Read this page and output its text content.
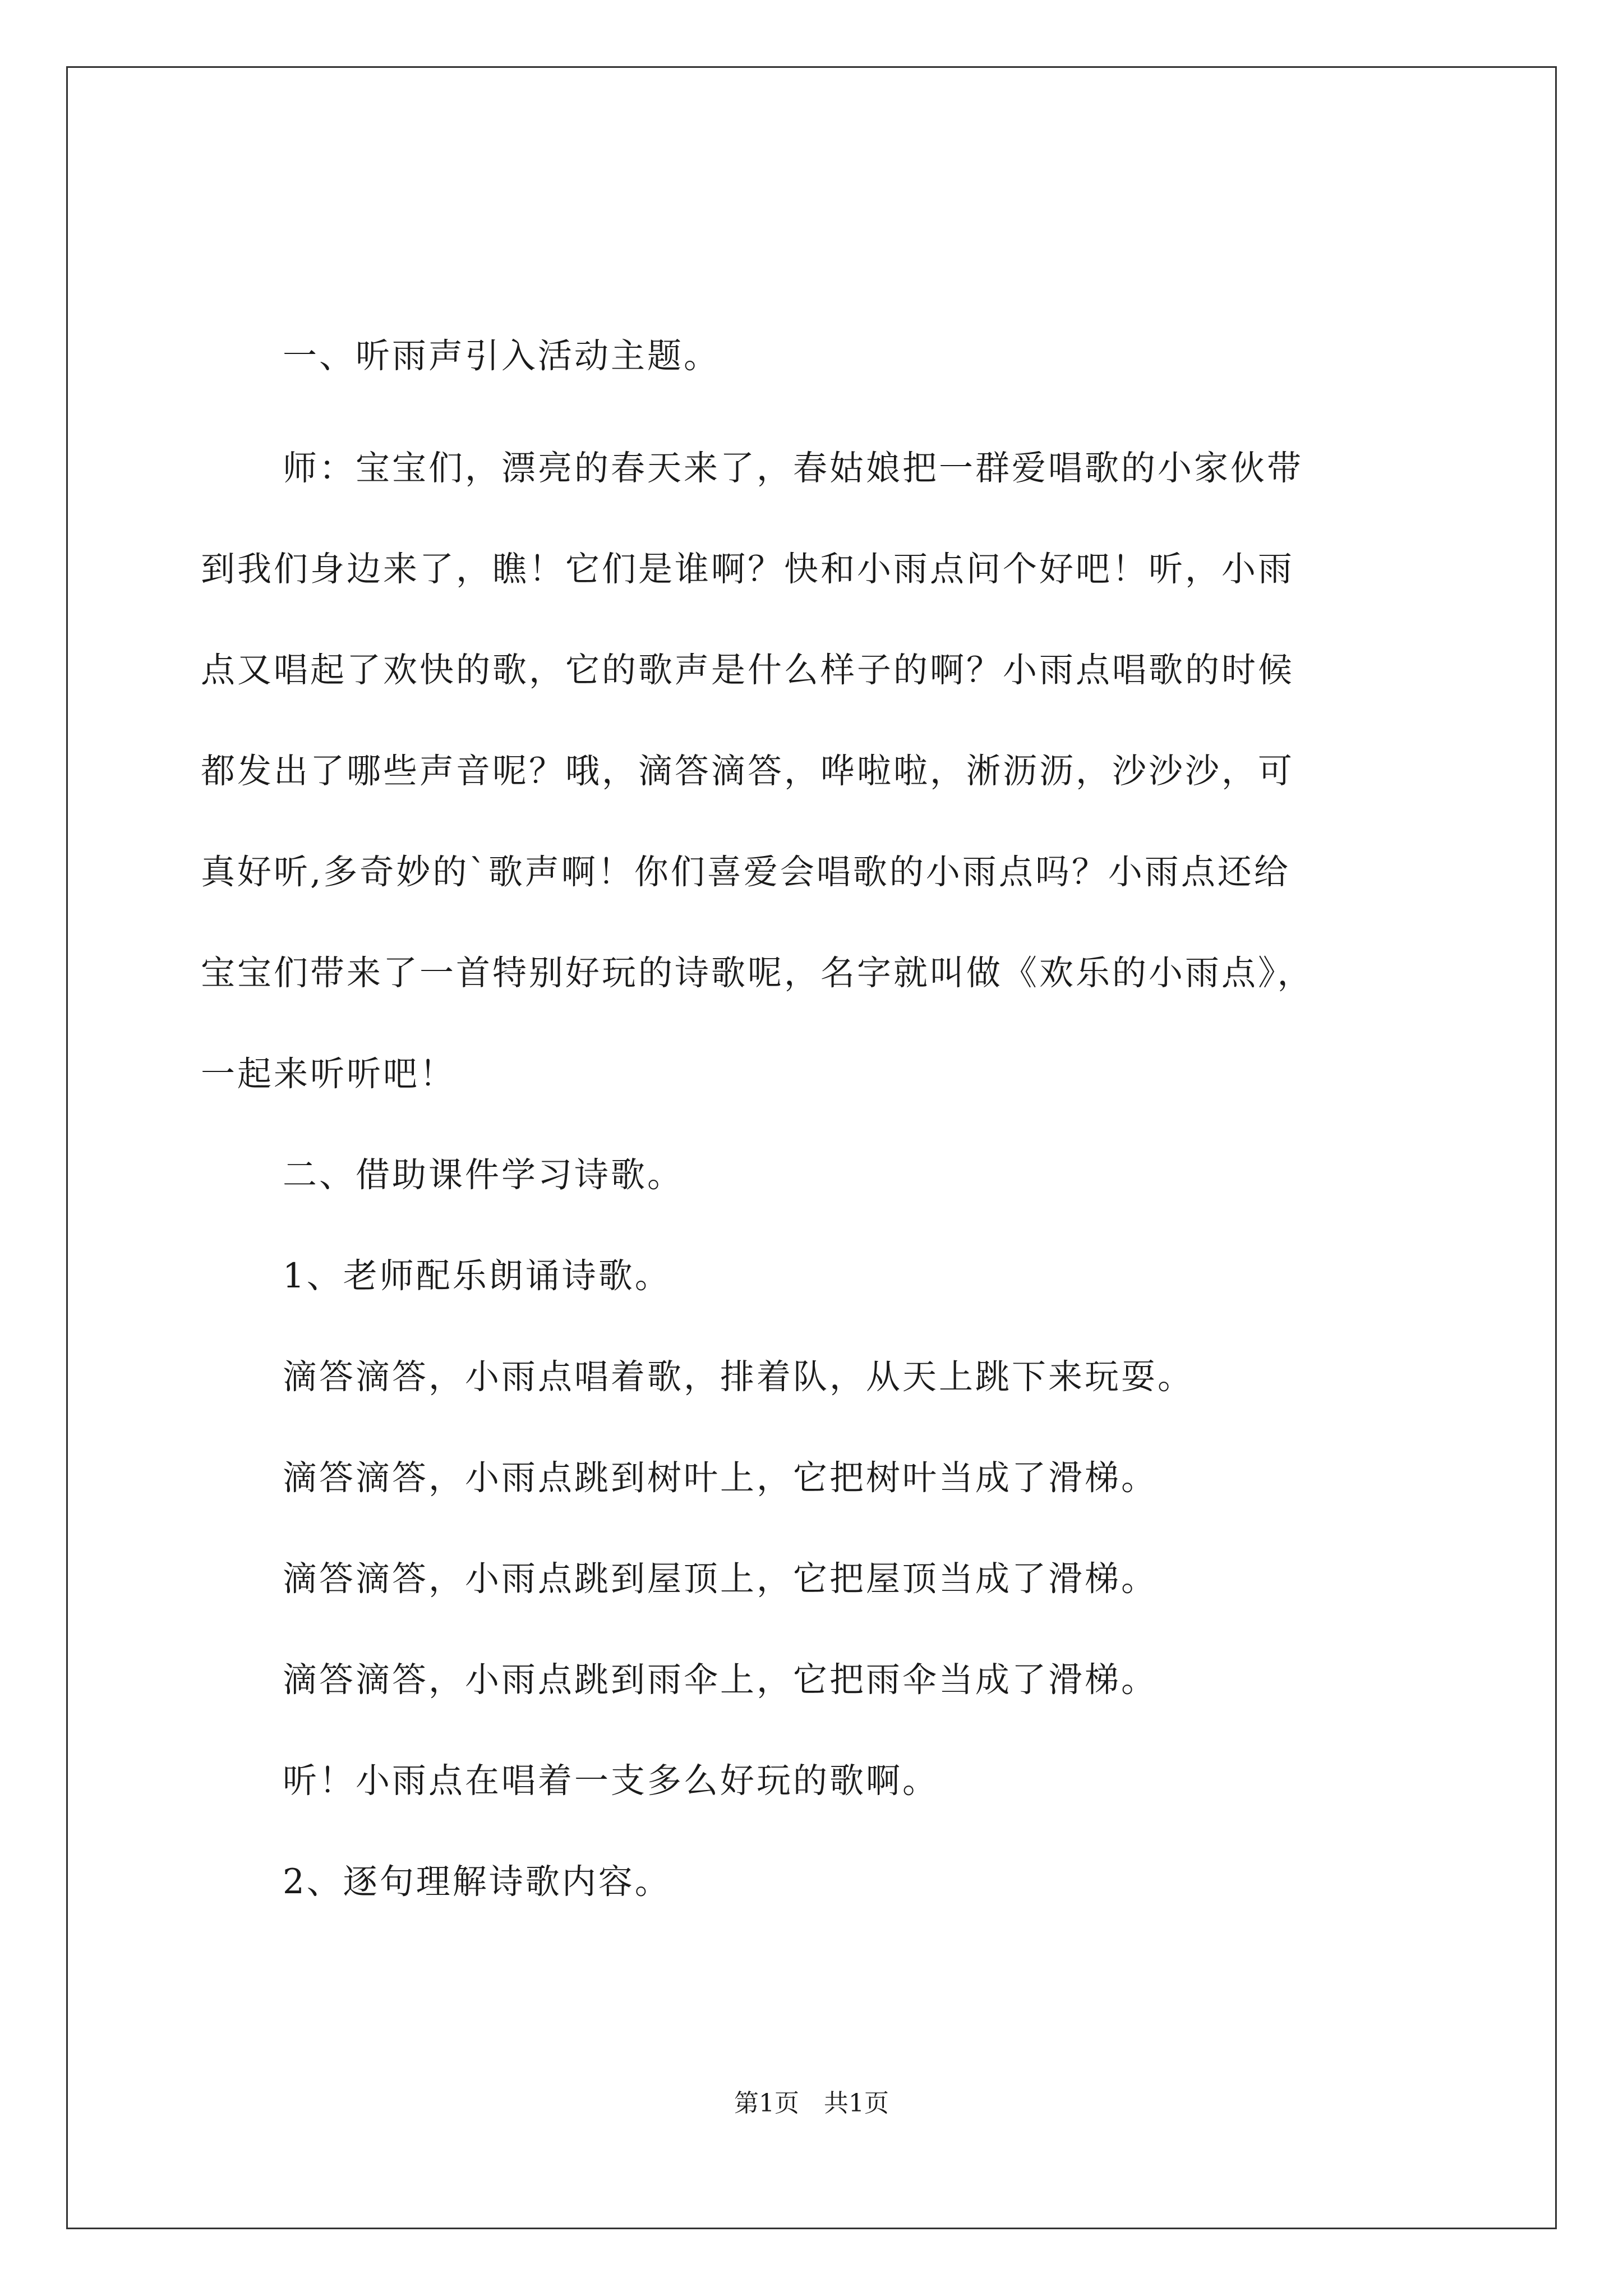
一、听雨声引入活动主题。
师：宝宝们，漂亮的春天来了，春姑娘把一群爱唱歌的小家伙带
到我们身边来了，瞧！它们是谁啊？快和小雨点问个好吧！听，小雨
点又唱起了欢快的歌，它的歌声是什么样子的啊？小雨点唱歌的时候
都发出了哪些声音呢？哦，滴答滴答，哗啦啦，淅沥沥，沙沙沙，可
真好听,多奇妙的`歌声啊！你们喜爱会唱歌的小雨点吗？小雨点还给
宝宝们带来了一首特别好玩的诗歌呢，名字就叫做《欢乐的小雨点》，
一起来听听吧！
二、借助课件学习诗歌。
1、老师配乐朗诵诗歌。
滴答滴答，小雨点唱着歌，排着队，从天上跳下来玩耍。
滴答滴答，小雨点跳到树叶上，它把树叶当成了滑梯。
滴答滴答，小雨点跳到屋顶上，它把屋顶当成了滑梯。
滴答滴答，小雨点跳到雨伞上，它把雨伞当成了滑梯。
听！小雨点在唱着一支多么好玩的歌啊。
2、逐句理解诗歌内容。
第1页　共1页
